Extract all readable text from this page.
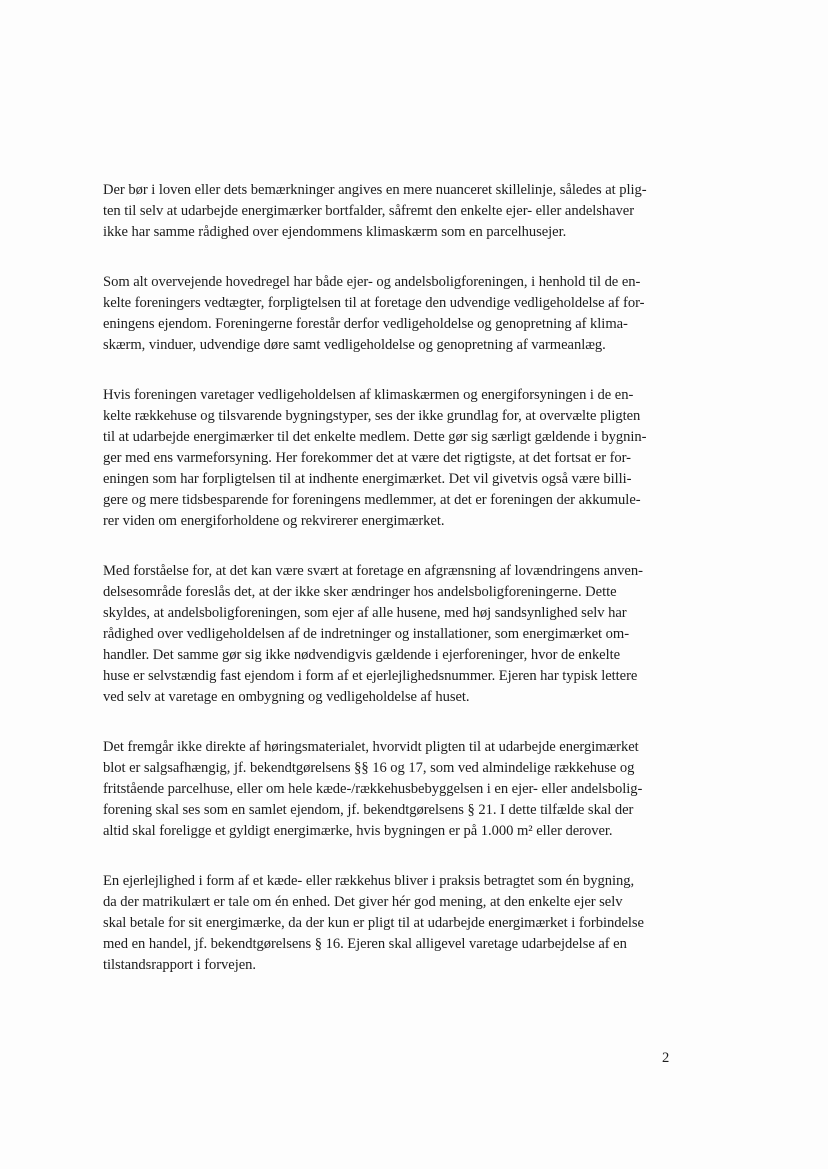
Der bør i loven eller dets bemærkninger angives en mere nuanceret skillelinje, således at plig-
ten til selv at udarbejde energimærker bortfalder, såfremt den enkelte ejer- eller andelshaver
ikke har samme rådighed over ejendommens klimaskærm som en parcelhusejer.

Som alt overvejende hovedregel har både ejer- og andelsboligforeningen, i henhold til de en-
kelte foreningers vedtægter, forpligtelsen til at foretage den udvendige vedligeholdelse af for-
eningens ejendom. Foreningerne forestår derfor vedligeholdelse og genopretning af klima-
skærm, vinduer, udvendige døre samt vedligeholdelse og genopretning af varmeanlæg.

Hvis foreningen varetager vedligeholdelsen af klimaskærmen og energiforsyningen i de en-
kelte rækkehuse og tilsvarende bygningstyper, ses der ikke grundlag for, at overvælte pligten
til at udarbejde energimærker til det enkelte medlem. Dette gør sig særligt gældende i bygnin-
ger med ens varmeforsyning. Her forekommer det at være det rigtigste, at det fortsat er for-
eningen som har forpligtelsen til at indhente energimærket. Det vil givetvis også være billi-
gere og mere tidsbesparende for foreningens medlemmer, at det er foreningen der akkumule-
rer viden om energiforholdene og rekvirerer energimærket.

Med forståelse for, at det kan være svært at foretage en afgrænsning af lovændringens anven-
delsesområde foreslås det, at der ikke sker ændringer hos andelsboligforeningerne. Dette
skyldes, at andelsboligforeningen, som ejer af alle husene, med høj sandsynlighed selv har
rådighed over vedligeholdelsen af de indretninger og installationer, som energimærket om-
handler. Det samme gør sig ikke nødvendigvis gældende i ejerforeninger, hvor de enkelte
huse er selvstændig fast ejendom i form af et ejerlejlighedsnummer. Ejeren har typisk lettere
ved selv at varetage en ombygning og vedligeholdelse af huset.

Det fremgår ikke direkte af høringsmaterialet, hvorvidt pligten til at udarbejde energimærket
blot er salgsafhængig, jf. bekendtgørelsens §§ 16 og 17, som ved almindelige rækkehuse og
fritstående parcelhuse, eller om hele kæde-/rækkehusbebyggelsen i en ejer- eller andelsbolig-
forening skal ses som en samlet ejendom, jf. bekendtgørelsens § 21. I dette tilfælde skal der
altid skal foreligge et gyldigt energimærke, hvis bygningen er på 1.000 m² eller derover.

En ejerlejlighed i form af et kæde- eller rækkehus bliver i praksis betragtet som én bygning,
da der matrikulært er tale om én enhed. Det giver hér god mening, at den enkelte ejer selv
skal betale for sit energimærke, da der kun er pligt til at udarbejde energimærket i forbindelse
med en handel, jf. bekendtgørelsens § 16. Ejeren skal alligevel varetage udarbejdelse af en
tilstandsrapport i forvejen.

2
